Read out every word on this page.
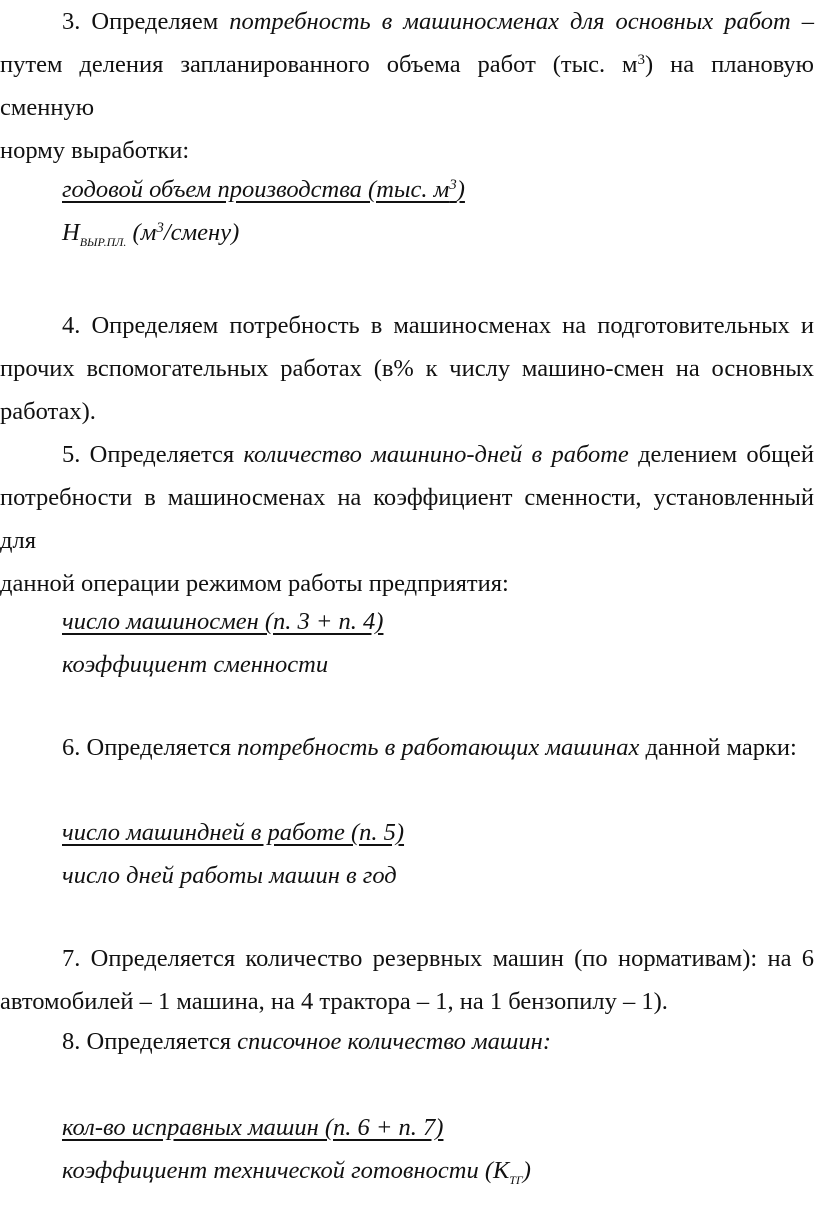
3. Определяем потребность в машиносменах для основных работ –
путем деления запланированного объема работ (тыс. $м^3$) на плановую сменную
норму выработки:
годовой объем производства (тыс. $м^3$)
$Н_{ВЫР.ПЛ.}$ $(м^3/смену)$
4. Определяем потребность в машиносменах на подготовительных и
прочих вспомогательных работах (в% к числу машино-смен на основных
работах).
5. Определяется количество машнино-дней в работе делением общей
потребности в машиносменах на коэффициент сменности, установленный для
данной операции режимом работы предприятия:
число машиносмен (п. 3 + п. 4)
коэффициент сменности
6. Определяется потребность в работающих машинах данной марки:
число машиндней в работе (п. 5)
число дней работы машин в год
7. Определяется количество резервных машин (по нормативам): на 6
автомобилей – 1 машина, на 4 трактора – 1, на 1 бензопилу – 1).
8. Определяется списочное количество машин:
кол-во исправных машин (п. 6 + п. 7)
коэффициент технической готовности $(К_{ТГ})$
